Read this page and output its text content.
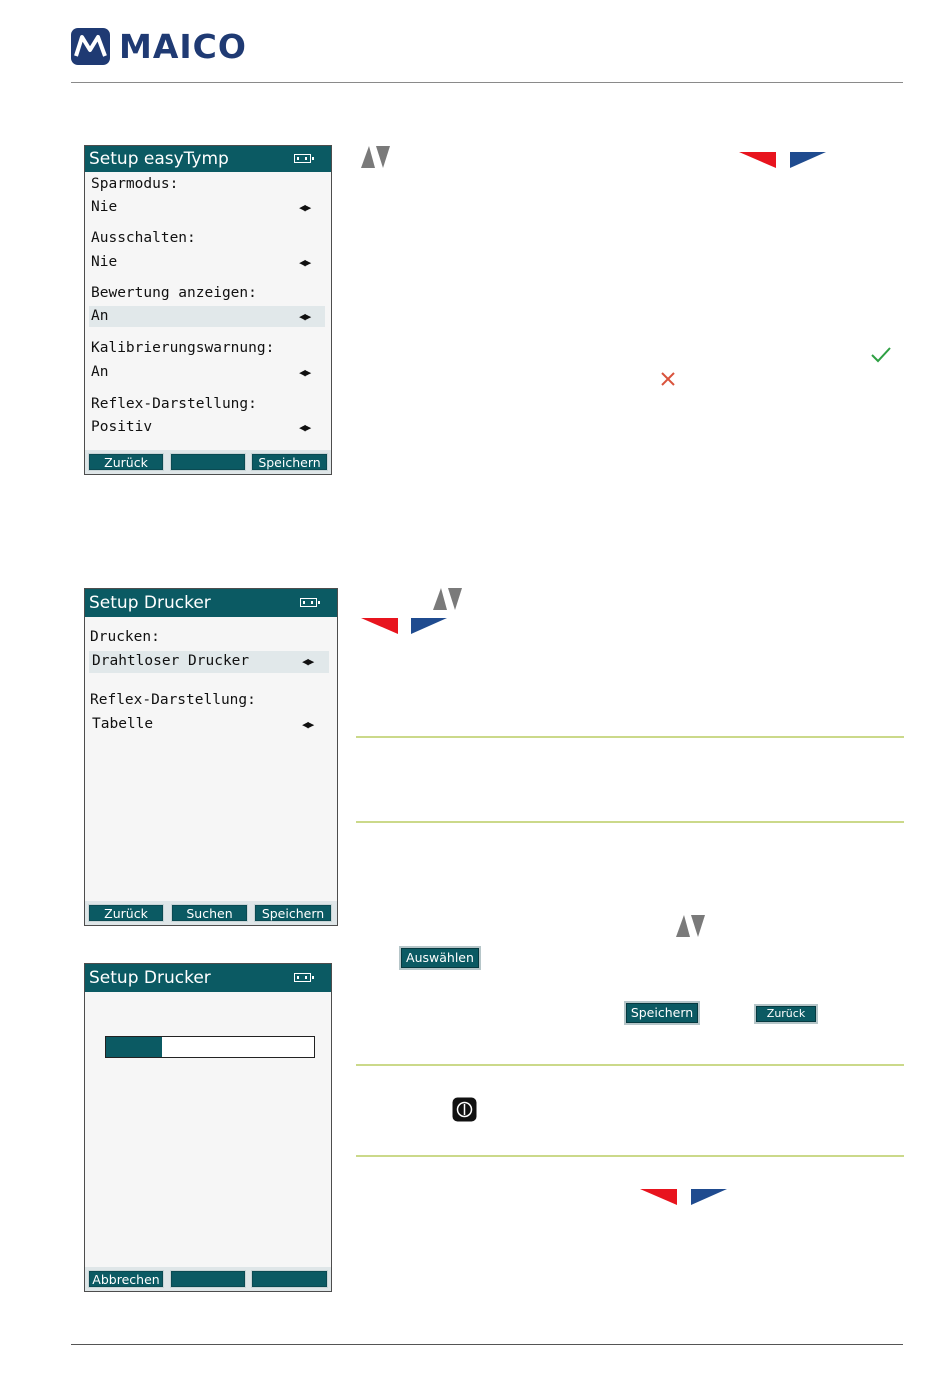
MAICO
Setup easyTymp
Sparmodus:
Nie	◀▶
Ausschalten:
Nie	◀▶
Bewertung anzeigen:
An	◀▶
Kalibrierungswarnung:
An	◀▶
Reflex-Darstellung:
Positiv	◀▶
Zurück	Speichern
Setup Drucker
Drucken:
Drahtloser Drucker	◀▶
Reflex-Darstellung:
Tabelle	◀▶
Zurück	Suchen	Speichern
Setup Drucker
Abbrechen
Auswählen
Speichern	Zurück
